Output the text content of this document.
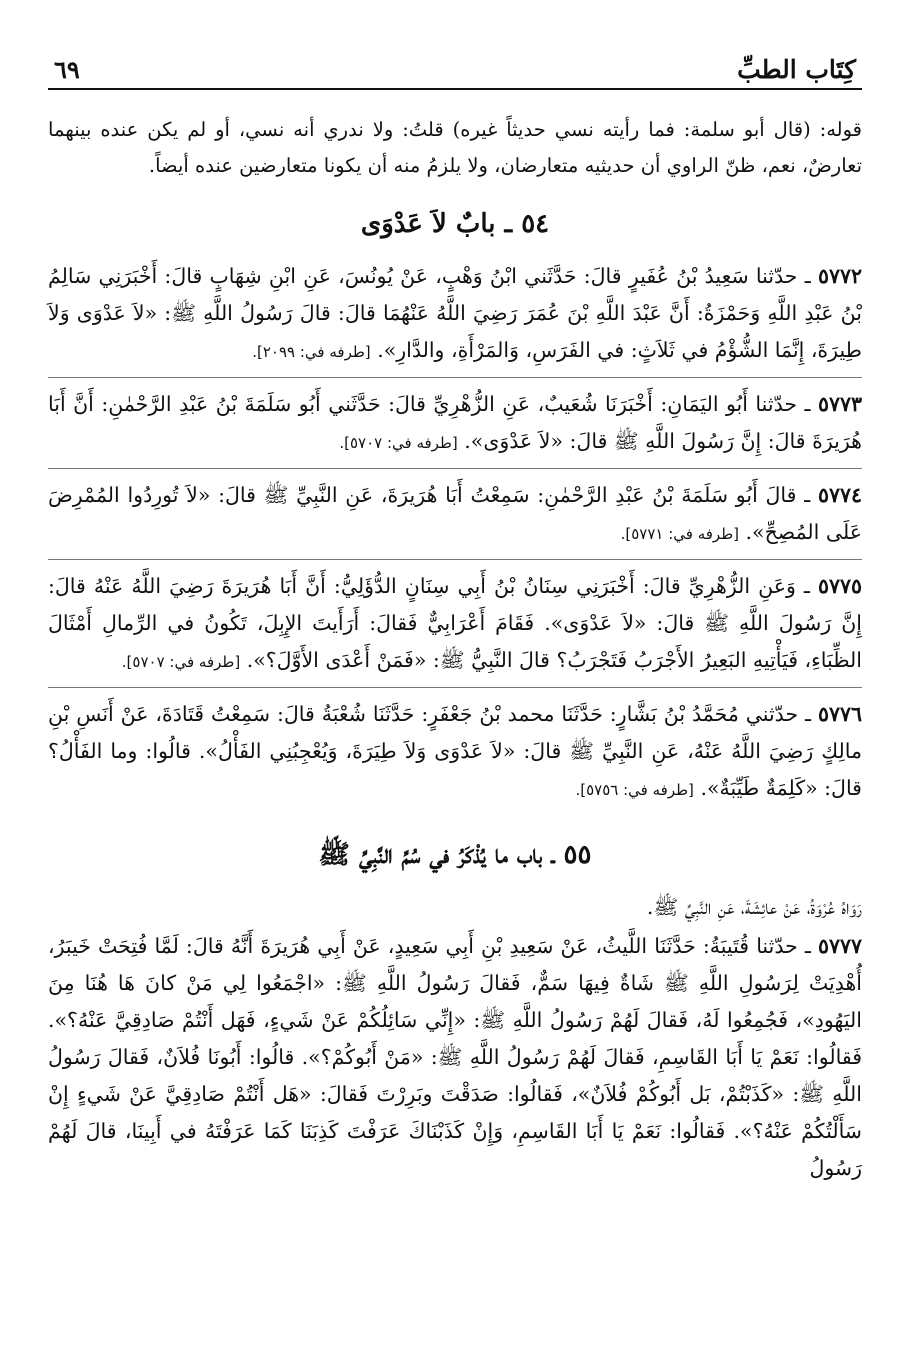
كِتَاب الطبِّ
٦٩

قوله: (قال أبو سلمة: فما رأيته نسي حديثاً غيره) قلتُ: ولا ندري أنه نسي، أو لم يكن عنده بينهما تعارضٌ، نعم، ظنّ الراوي أن حديثيه متعارضان، ولا يلزمُ منه أن يكونا متعارضين عنده أيضاً.

٥٤ ـ بابٌ لاَ عَدْوَى
٥٧٧٢ ـ حدّثنا سَعِيدُ بْنُ عُفَيرٍ قالَ: حَدَّثَني ابْنُ وَهْبٍ، عَنْ يُونُسَ، عَنِ ابْنِ شِهَابٍ قالَ: أَخْبَرَنِي سَالِمُ بْنُ عَبْدِ اللَّهِ وَحَمْزَةُ: أَنَّ عَبْدَ اللَّهِ بْنَ عُمَرَ رَضِيَ اللَّهُ عَنْهُمَا قالَ: قالَ رَسُولُ اللَّهِ ﷺ: «لاَ عَدْوَى وَلاَ طِيرَةَ، إِنَّمَا الشُّؤْمُ في ثَلاَثٍ: في الفَرَسِ، وَالمَرْأَةِ، والدَّارِ». [طرفه في: ٢٠٩٩].
٥٧٧٣ ـ حدّثنا أَبُو اليَمَانِ: أَخْبَرَنَا شُعَيبٌ، عَنِ الزُّهْرِيِّ قالَ: حَدَّثَني أَبُو سَلَمَةَ بْنُ عَبْدِ الرَّحْمٰنِ: أَنَّ أَبَا هُرَيرَةَ قالَ: إِنَّ رَسُولَ اللَّهِ ﷺ قالَ: «لاَ عَدْوَى». [طرفه في: ٥٧٠٧].
٥٧٧٤ ـ قالَ أَبُو سَلَمَةَ بْنُ عَبْدِ الرَّحْمٰنِ: سَمِعْتُ أَبَا هُرَيرَةَ، عَنِ النَّبِيِّ ﷺ قالَ: «لاَ تُورِدُوا المُمْرِضَ عَلَى المُصِحِّ». [طرفه في: ٥٧٧١].
٥٧٧٥ ـ وَعَنِ الزُّهْرِيِّ قالَ: أَخْبَرَنِي سِنَانُ بْنُ أَبِي سِنَانٍ الدُّؤَلِيُّ: أَنَّ أَبَا هُرَيرَةَ رَضِيَ اللَّهُ عَنْهُ قالَ: إِنَّ رَسُولَ اللَّهِ ﷺ قالَ: «لاَ عَدْوَى». فَقَامَ أَعْرَابِيٌّ فَقالَ: أَرَأَيتَ الإِبِلَ، تَكُونُ في الرِّمالِ أَمْثَالَ الظِّبَاءِ، فَيَأْتِيهِ البَعِيرُ الأَجْرَبُ فَتَجْرَبُ؟ قالَ النَّبِيُّ ﷺ: «فَمَنْ أَعْدَى الأَوَّلَ؟». [طرفه في: ٥٧٠٧].
٥٧٧٦ ـ حدّثني مُحَمَّدُ بْنُ بَشَّارٍ: حَدَّثَنَا محمد بْنُ جَعْفَرٍ: حَدَّثَنَا شُعْبَةُ قالَ: سَمِعْتُ قَتَادَةَ، عَنْ أَنَسِ بْنِ مالِكٍ رَضِيَ اللَّهُ عَنْهُ، عَنِ النَّبِيِّ ﷺ قالَ: «لاَ عَدْوَى وَلاَ طِيَرَةَ، وَيُعْجِبُنِي الفَأْلُ». قالُوا: وما الفَأْلُ؟ قالَ: «كَلِمَةٌ طَيِّبَةٌ». [طرفه في: ٥٧٥٦].
٥٥ ـ باب ما يُذْكَرُ في سُمِّ النَّبِيِّ ﷺ

رَوَاهُ عُرْوَةُ، عَنْ عائِشَةَ، عَنِ النَّبِيِّ ﷺ.

٥٧٧٧ ـ حدّثنا قُتَيبَةُ: حَدَّثَنَا اللَّيثُ، عَنْ سَعِيدِ بْنِ أَبِي سَعِيدٍ، عَنْ أَبِي هُرَيرَةَ أَنَّهُ قالَ: لَمَّا فُتِحَتْ خَيبَرُ، أُهْدِيَتْ لِرَسُولِ اللَّهِ ﷺ شَاةٌ فِيهَا سَمٌّ، فَقالَ رَسُولُ اللَّهِ ﷺ: «اجْمَعُوا لِي مَنْ كانَ هَا هُنَا مِنَ اليَهُودِ»، فَجُمِعُوا لَهُ، فَقالَ لَهُمْ رَسُولُ اللَّهِ ﷺ: «إِنِّي سَائِلُكُمْ عَنْ شَيءٍ، فَهَل أَنْتُمْ صَادِقِيَّ عَنْهُ؟». فَقالُوا: نَعَمْ يَا أَبَا القَاسِمِ، فَقالَ لَهُمْ رَسُولُ اللَّهِ ﷺ: «مَنْ أَبُوكُمْ؟». قالُوا: أَبُونَا فُلاَنٌ، فَقالَ رَسُولُ اللَّهِ ﷺ: «كَذَبْتُمْ، بَل أَبُوكُمْ فُلاَنٌ»، فَقالُوا: صَدَقْتَ وبَرِرْتَ فَقالَ: «هَل أَنْتُمْ صَادِقِيَّ عَنْ شَيءٍ إِنْ سَأَلْتُكُمْ عَنْهُ؟». فَقالُوا: نَعَمْ يَا أَبَا القَاسِمِ، وَإِنْ كَذَبْنَاكَ عَرَفْتَ كَذِبَنَا كَمَا عَرَفْتَهُ في أَبِينَا، قالَ لَهُمْ رَسُولُ
